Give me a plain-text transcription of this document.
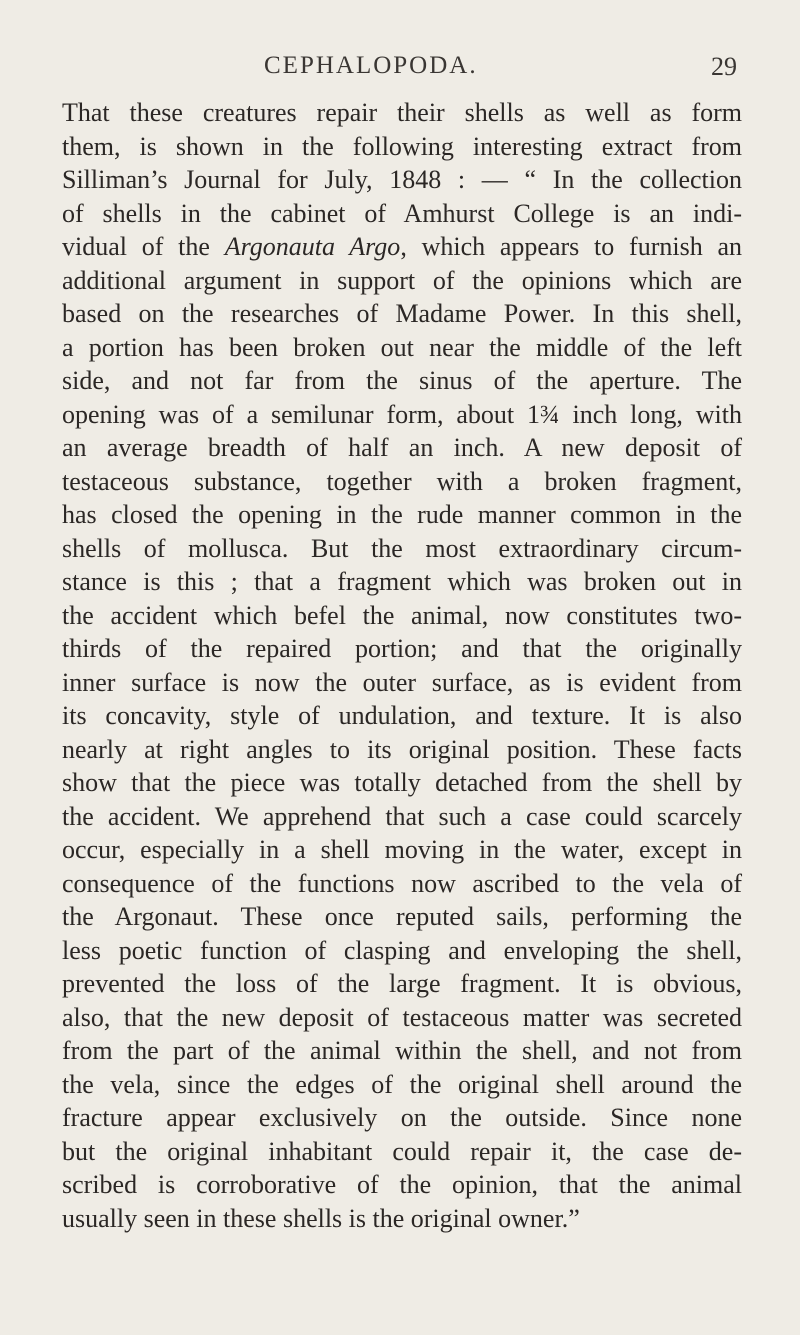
CEPHALOPODA.	29
That these creatures repair their shells as well as form
them, is shown in the following interesting extract from
Silliman’s Journal for July, 1848 : — “ In the collection
of shells in the cabinet of Amhurst College is an indi-
vidual of the Argonauta Argo, which appears to furnish an
additional argument in support of the opinions which are
based on the researches of Madame Power. In this shell,
a portion has been broken out near the middle of the left
side, and not far from the sinus of the aperture. The
opening was of a semilunar form, about 1¾ inch long, with
an average breadth of half an inch. A new deposit of
testaceous substance, together with a broken fragment,
has closed the opening in the rude manner common in the
shells of mollusca. But the most extraordinary circum-
stance is this ; that a fragment which was broken out in
the accident which befel the animal, now constitutes two-
thirds of the repaired portion; and that the originally
inner surface is now the outer surface, as is evident from
its concavity, style of undulation, and texture. It is also
nearly at right angles to its original position. These facts
show that the piece was totally detached from the shell by
the accident. We apprehend that such a case could scarcely
occur, especially in a shell moving in the water, except in
consequence of the functions now ascribed to the vela of
the Argonaut. These once reputed sails, performing the
less poetic function of clasping and enveloping the shell,
prevented the loss of the large fragment. It is obvious,
also, that the new deposit of testaceous matter was secreted
from the part of the animal within the shell, and not from
the vela, since the edges of the original shell around the
fracture appear exclusively on the outside. Since none
but the original inhabitant could repair it, the case de-
scribed is corroborative of the opinion, that the animal
usually seen in these shells is the original owner.”
